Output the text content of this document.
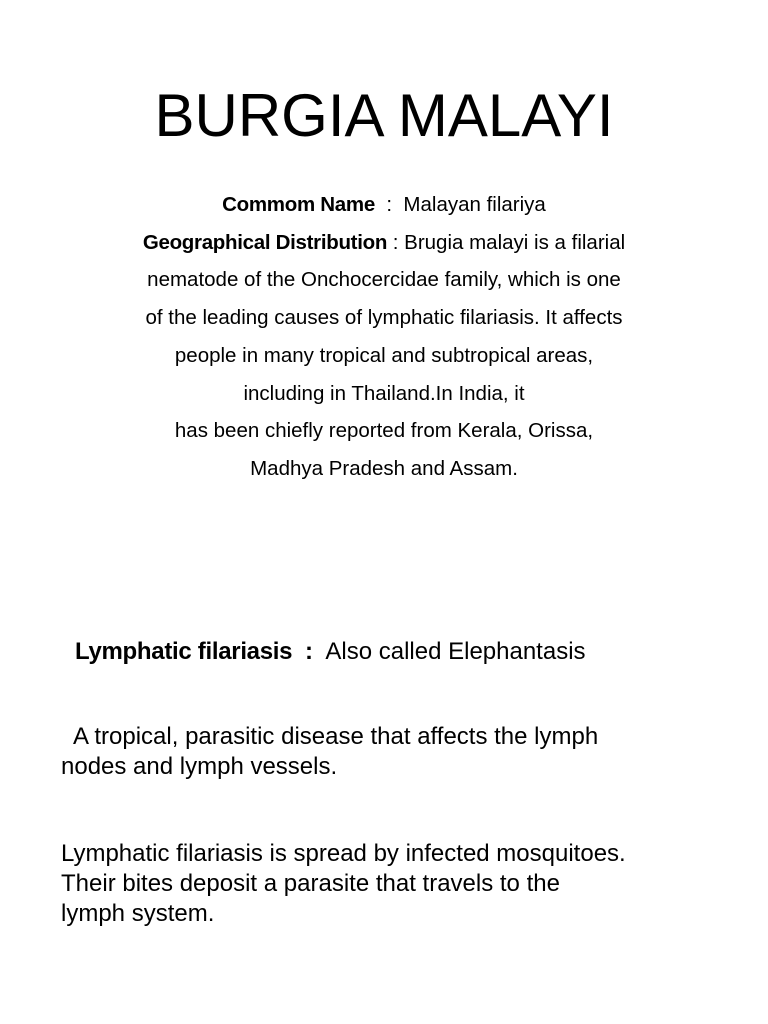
BURGIA MALAYI
Commom Name  :  Malayan filariya
Geographical Distribution : Brugia malayi is a filarial
nematode of the Onchocercidae family, which is one
of the leading causes of lymphatic filariasis. It affects
people in many tropical and subtropical areas,
including in Thailand.In India, it
has been chiefly reported from Kerala, Orissa,
Madhya Pradesh and Assam.
Lymphatic filariasis  :  Also called Elephantasis
A tropical, parasitic disease that affects the lymph
nodes and lymph vessels.
Lymphatic filariasis is spread by infected mosquitoes.
Their bites deposit a parasite that travels to the
lymph system.
